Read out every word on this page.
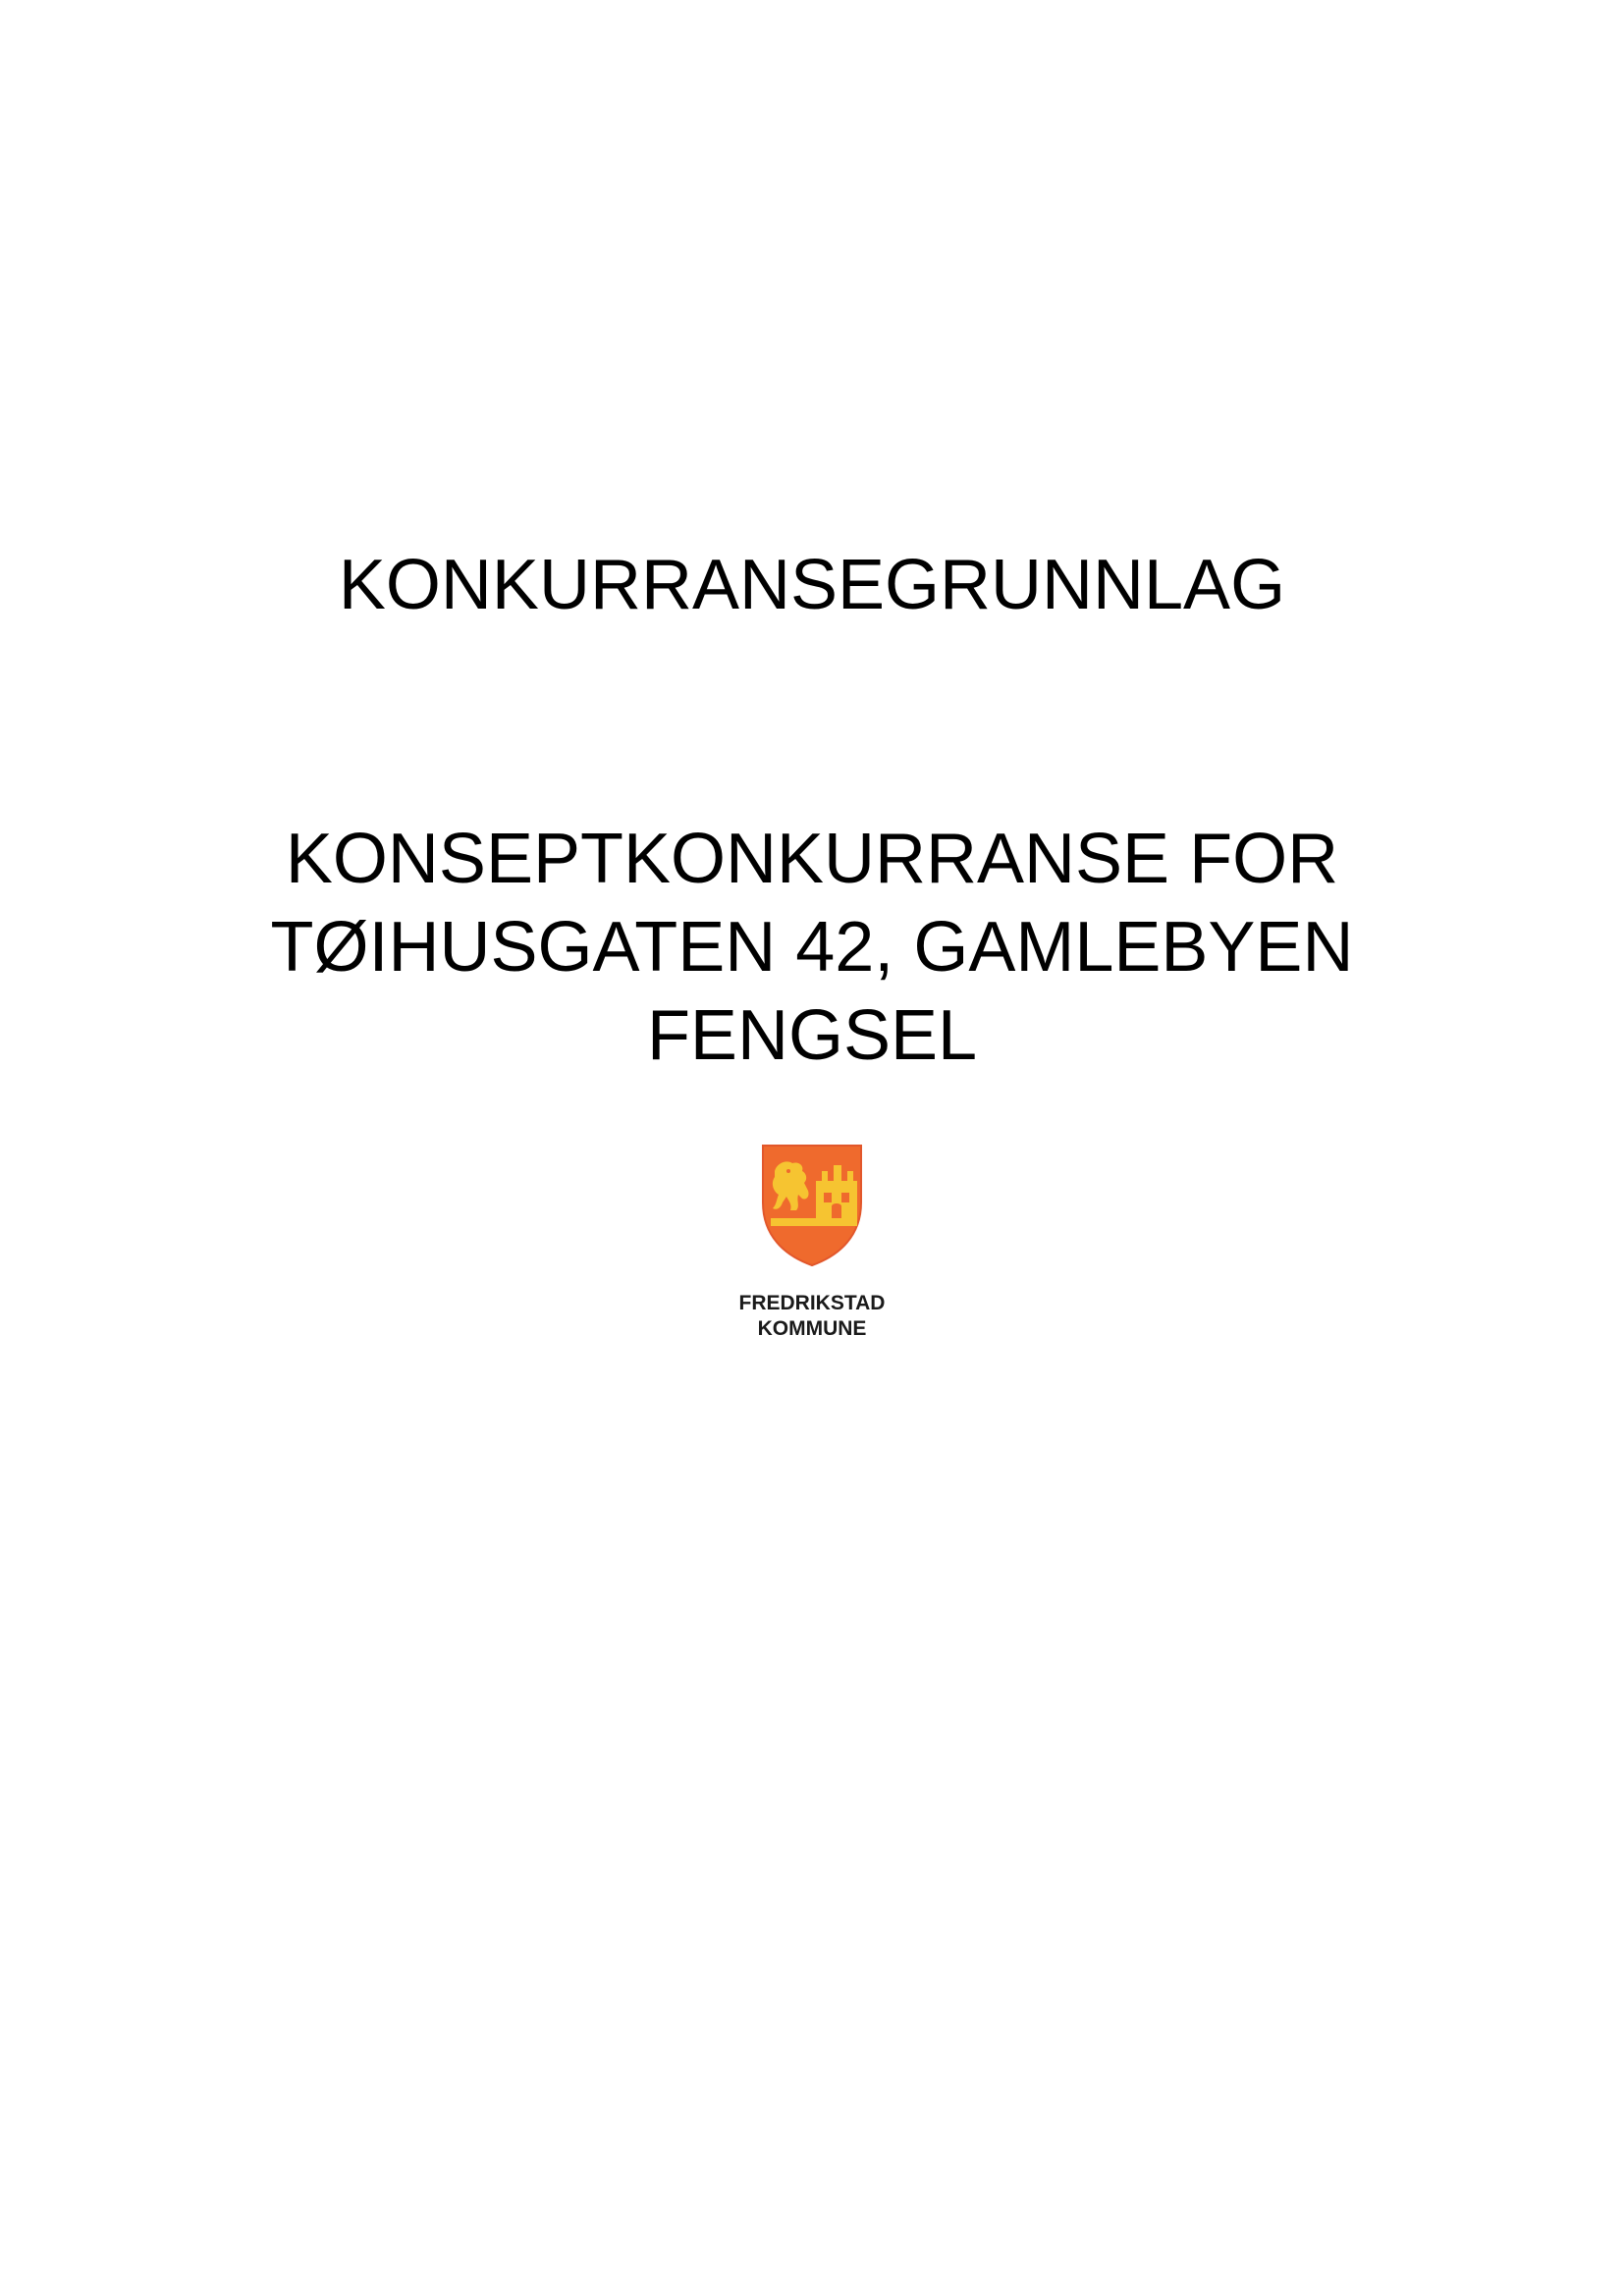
KONKURRANSEGRUNNLAG
KONSEPTKONKURRANSE FOR
TØIHUSGATEN 42, GAMLEBYEN
FENGSEL
FREDRIKSTAD
KOMMUNE
